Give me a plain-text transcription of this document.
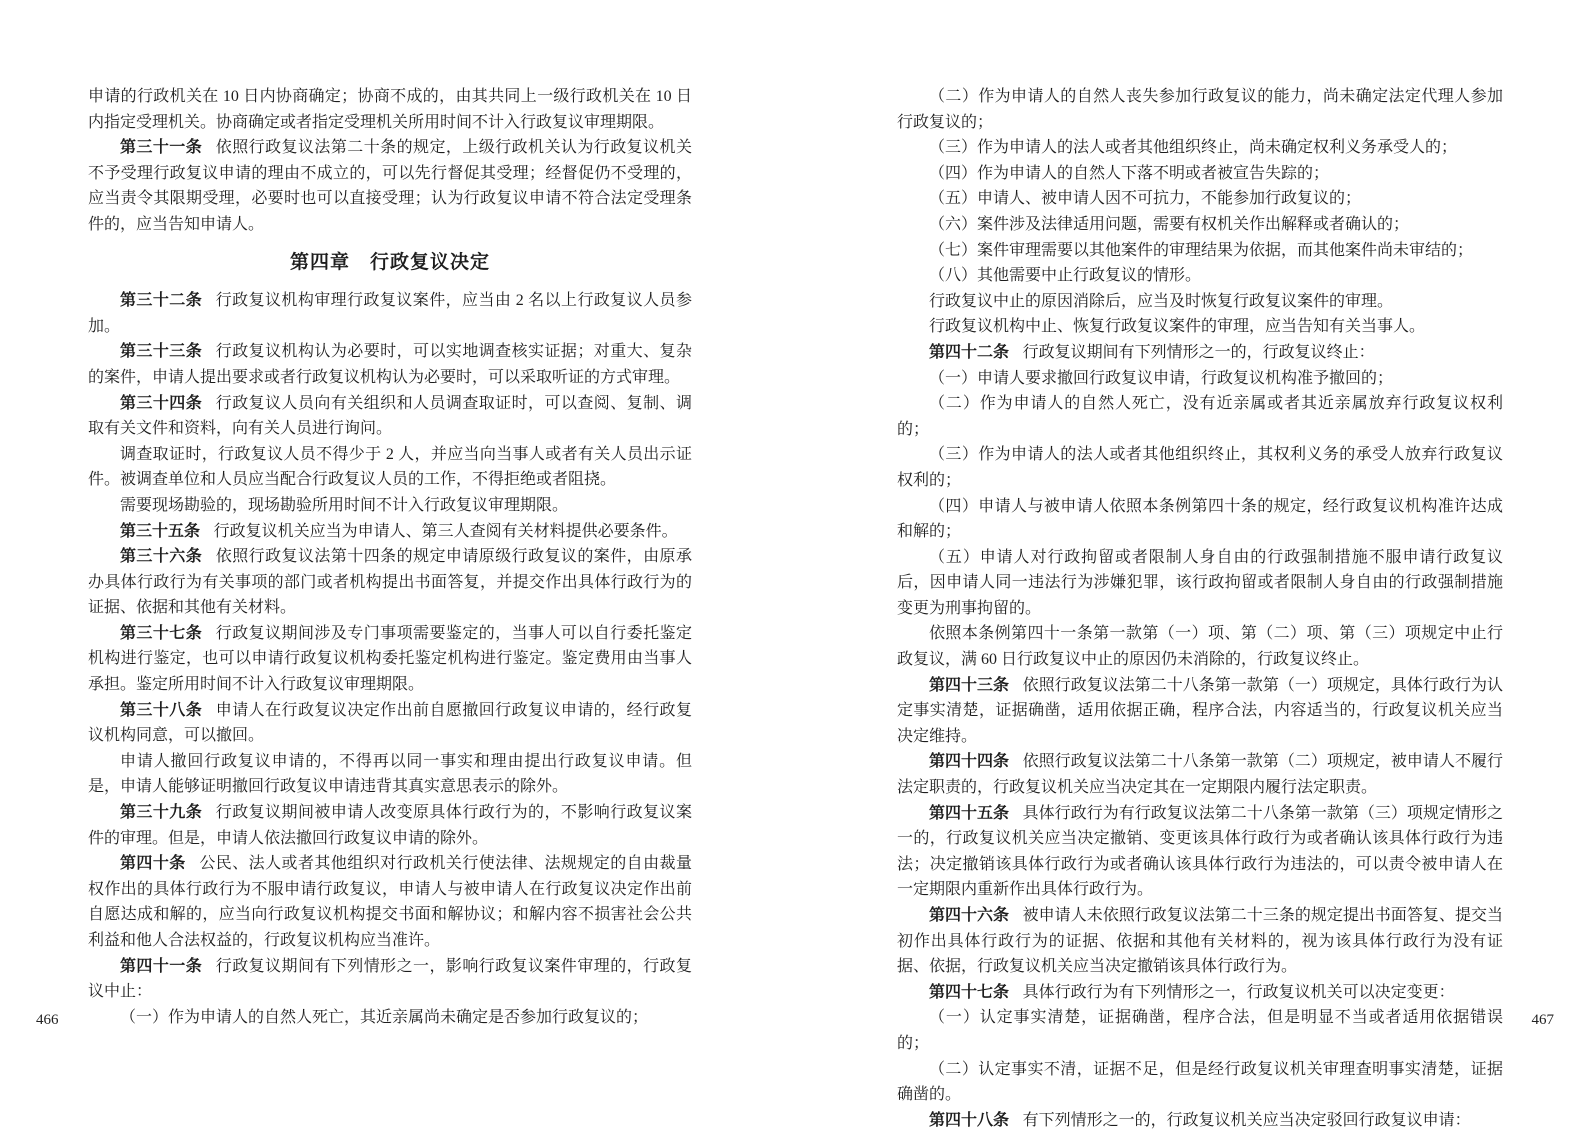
申请的行政机关在 10 日内协商确定；协商不成的，由其共同上一级行政机关在 10 日内指定受理机关。协商确定或者指定受理机关所用时间不计入行政复议审理期限。

第三十一条 依照行政复议法第二十条的规定，上级行政机关认为行政复议机关不予受理行政复议申请的理由不成立的，可以先行督促其受理；经督促仍不受理的，应当责令其限期受理，必要时也可以直接受理；认为行政复议申请不符合法定受理条件的，应当告知申请人。

第四章　行政复议决定

第三十二条 行政复议机构审理行政复议案件，应当由 2 名以上行政复议人员参加。

第三十三条 行政复议机构认为必要时，可以实地调查核实证据；对重大、复杂的案件，申请人提出要求或者行政复议机构认为必要时，可以采取听证的方式审理。

第三十四条 行政复议人员向有关组织和人员调查取证时，可以查阅、复制、调取有关文件和资料，向有关人员进行询问。

调查取证时，行政复议人员不得少于 2 人，并应当向当事人或者有关人员出示证件。被调查单位和人员应当配合行政复议人员的工作，不得拒绝或者阻挠。

需要现场勘验的，现场勘验所用时间不计入行政复议审理期限。

第三十五条 行政复议机关应当为申请人、第三人查阅有关材料提供必要条件。

第三十六条 依照行政复议法第十四条的规定申请原级行政复议的案件，由原承办具体行政行为有关事项的部门或者机构提出书面答复，并提交作出具体行政行为的证据、依据和其他有关材料。

第三十七条 行政复议期间涉及专门事项需要鉴定的，当事人可以自行委托鉴定机构进行鉴定，也可以申请行政复议机构委托鉴定机构进行鉴定。鉴定费用由当事人承担。鉴定所用时间不计入行政复议审理期限。

第三十八条 申请人在行政复议决定作出前自愿撤回行政复议申请的，经行政复议机构同意，可以撤回。

申请人撤回行政复议申请的，不得再以同一事实和理由提出行政复议申请。但是，申请人能够证明撤回行政复议申请违背其真实意思表示的除外。

第三十九条 行政复议期间被申请人改变原具体行政行为的，不影响行政复议案件的审理。但是，申请人依法撤回行政复议申请的除外。

第四十条 公民、法人或者其他组织对行政机关行使法律、法规规定的自由裁量权作出的具体行政行为不服申请行政复议，申请人与被申请人在行政复议决定作出前自愿达成和解的，应当向行政复议机构提交书面和解协议；和解内容不损害社会公共利益和他人合法权益的，行政复议机构应当准许。

第四十一条 行政复议期间有下列情形之一，影响行政复议案件审理的，行政复议中止：

（一）作为申请人的自然人死亡，其近亲属尚未确定是否参加行政复议的；

（二）作为申请人的自然人丧失参加行政复议的能力，尚未确定法定代理人参加行政复议的；

（三）作为申请人的法人或者其他组织终止，尚未确定权利义务承受人的；

（四）作为申请人的自然人下落不明或者被宣告失踪的；

（五）申请人、被申请人因不可抗力，不能参加行政复议的；

（六）案件涉及法律适用问题，需要有权机关作出解释或者确认的；

（七）案件审理需要以其他案件的审理结果为依据，而其他案件尚未审结的；

（八）其他需要中止行政复议的情形。

行政复议中止的原因消除后，应当及时恢复行政复议案件的审理。

行政复议机构中止、恢复行政复议案件的审理，应当告知有关当事人。

第四十二条 行政复议期间有下列情形之一的，行政复议终止：

（一）申请人要求撤回行政复议申请，行政复议机构准予撤回的；

（二）作为申请人的自然人死亡，没有近亲属或者其近亲属放弃行政复议权利的；

（三）作为申请人的法人或者其他组织终止，其权利义务的承受人放弃行政复议权利的；

（四）申请人与被申请人依照本条例第四十条的规定，经行政复议机构准许达成和解的；

（五）申请人对行政拘留或者限制人身自由的行政强制措施不服申请行政复议后，因申请人同一违法行为涉嫌犯罪，该行政拘留或者限制人身自由的行政强制措施变更为刑事拘留的。

依照本条例第四十一条第一款第（一）项、第（二）项、第（三）项规定中止行政复议，满 60 日行政复议中止的原因仍未消除的，行政复议终止。

第四十三条 依照行政复议法第二十八条第一款第（一）项规定，具体行政行为认定事实清楚，证据确凿，适用依据正确，程序合法，内容适当的，行政复议机关应当决定维持。

第四十四条 依照行政复议法第二十八条第一款第（二）项规定，被申请人不履行法定职责的，行政复议机关应当决定其在一定期限内履行法定职责。

第四十五条 具体行政行为有行政复议法第二十八条第一款第（三）项规定情形之一的，行政复议机关应当决定撤销、变更该具体行政行为或者确认该具体行政行为违法；决定撤销该具体行政行为或者确认该具体行政行为违法的，可以责令被申请人在一定期限内重新作出具体行政行为。

第四十六条 被申请人未依照行政复议法第二十三条的规定提出书面答复、提交当初作出具体行政行为的证据、依据和其他有关材料的，视为该具体行政行为没有证据、依据，行政复议机关应当决定撤销该具体行政行为。

第四十七条 具体行政行为有下列情形之一，行政复议机关可以决定变更：

（一）认定事实清楚，证据确凿，程序合法，但是明显不当或者适用依据错误的；

（二）认定事实不清，证据不足，但是经行政复议机关审理查明事实清楚，证据确凿的。

第四十八条 有下列情形之一的，行政复议机关应当决定驳回行政复议申请：

466	467
